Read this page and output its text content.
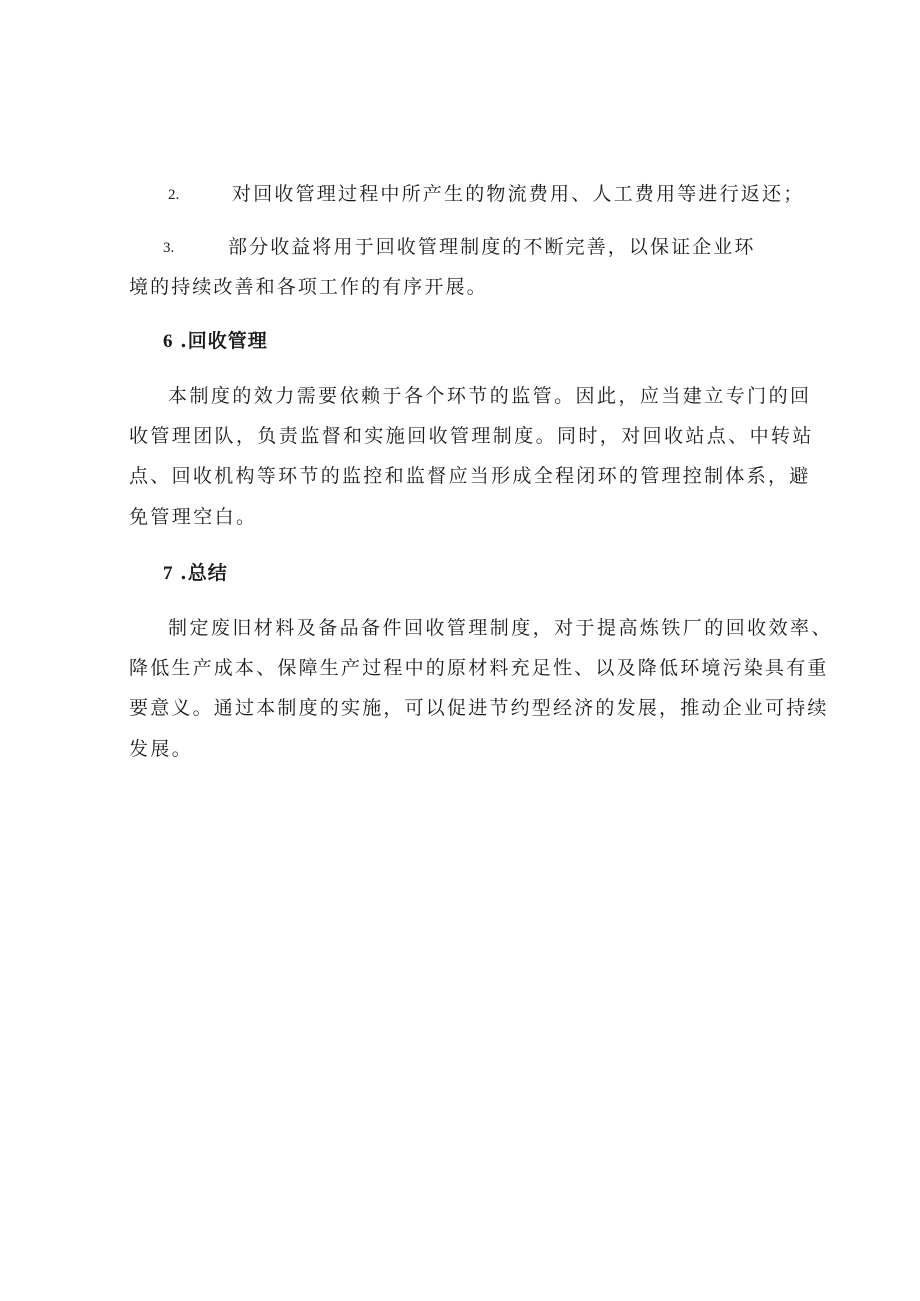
2.	对回收管理过程中所产生的物流费用、人工费用等进行返还；
3.	部分收益将用于回收管理制度的不断完善，以保证企业环
境的持续改善和各项工作的有序开展。
6 .回收管理
本制度的效力需要依赖于各个环节的监管。因此，应当建立专门的回
收管理团队，负责监督和实施回收管理制度。同时，对回收站点、中转站
点、回收机构等环节的监控和监督应当形成全程闭环的管理控制体系，避
免管理空白。
7 .总结
制定废旧材料及备品备件回收管理制度，对于提高炼铁厂的回收效率、
降低生产成本、保障生产过程中的原材料充足性、以及降低环境污染具有重
要意义。通过本制度的实施，可以促进节约型经济的发展，推动企业可持续
发展。
